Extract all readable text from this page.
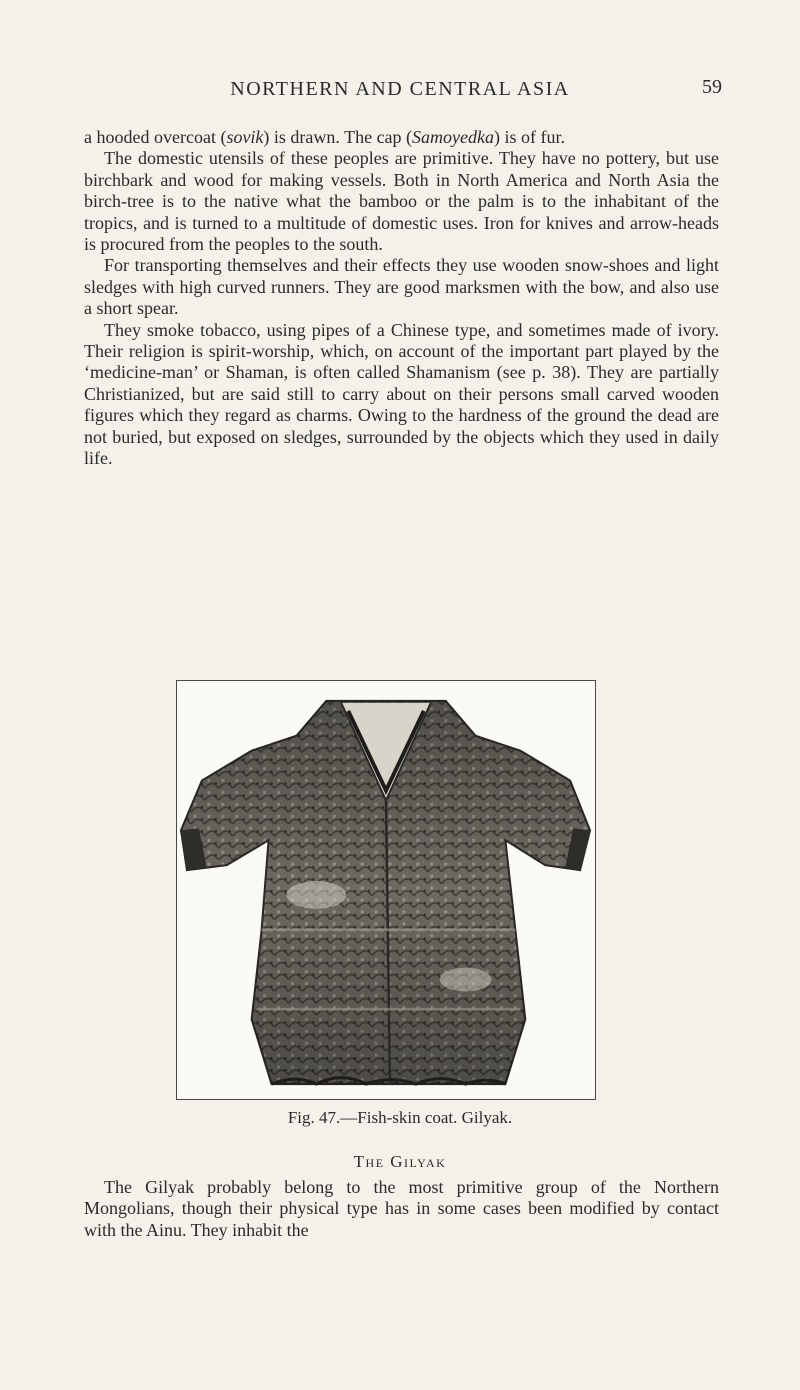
NORTHERN AND CENTRAL ASIA	59

a hooded overcoat (sovik) is drawn. The cap (Samoyedka) is of fur.

The domestic utensils of these peoples are primitive. They have no pottery, but use birchbark and wood for making vessels. Both in North America and North Asia the birch-tree is to the native what the bamboo or the palm is to the inhabitant of the tropics, and is turned to a multitude of domestic uses. Iron for knives and arrow-heads is procured from the peoples to the south.

For transporting themselves and their effects they use wooden snow-shoes and light sledges with high curved runners. They are good marksmen with the bow, and also use a short spear.

They smoke tobacco, using pipes of a Chinese type, and sometimes made of ivory. Their religion is spirit-worship, which, on account of the important part played by the ‘medicine-man’ or Shaman, is often called Shamanism (see p. 38). They are partially Christianized, but are said still to carry about on their persons small carved wooden figures which they regard as charms. Owing to the hardness of the ground the dead are not buried, but exposed on sledges, surrounded by the objects which they used in daily life.

Fig. 47.—Fish-skin coat. Gilyak.
The Gilyak

The Gilyak probably belong to the most primitive group of the Northern Mongolians, though their physical type has in some cases been modified by contact with the Ainu. They inhabit the
